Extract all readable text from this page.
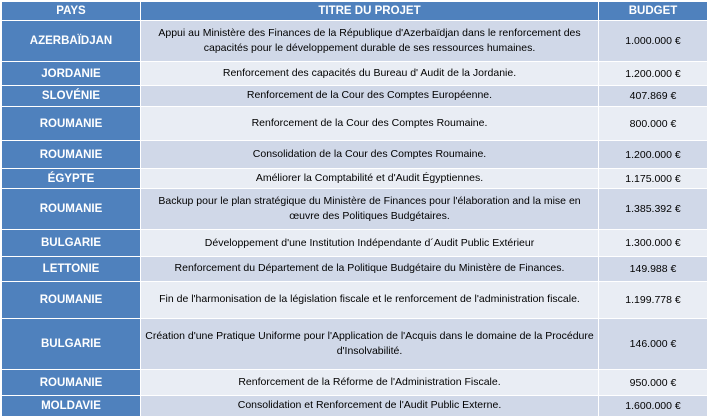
PAYS	TITRE DU PROJET	BUDGET
AZERBAÏDJAN	Appui au Ministère des Finances de la République d'Azerbaïdjan dans le renforcement des capacités pour le développement durable de ses ressources humaines.	1.000.000 €
JORDANIE	Renforcement des capacités du Bureau d' Audit de la Jordanie.	1.200.000 €
SLOVÉNIE	Renforcement de la Cour des Comptes Européenne.	407.869 €
ROUMANIE	Renforcement de la Cour des Comptes Roumaine.	800.000 €
ROUMANIE	Consolidation de la Cour des Comptes Roumaine.	1.200.000 €
ÉGYPTE	Améliorer la Comptabilité et d'Audit Égyptiennes.	1.175.000 €
ROUMANIE	Backup pour le plan stratégique du Ministère de Finances pour l'élaboration and la mise en œuvre des Politiques Budgétaires.	1.385.392 €
BULGARIE	Développement d'une Institution Indépendante d´Audit Public Extérieur	1.300.000 €
LETTONIE	Renforcement du Département de la Politique Budgétaire du Ministère de Finances.	149.988 €
ROUMANIE	Fin de l'harmonisation de la législation fiscale et le renforcement de l'administration fiscale.	1.199.778 €
BULGARIE	Création d'une Pratique Uniforme pour l'Application de l'Acquis dans le domaine de la Procédure d'Insolvabilité.	146.000 €
ROUMANIE	Renforcement de la Réforme de l'Administration Fiscale.	950.000 €
MOLDAVIE	Consolidation et Renforcement de l'Audit Public Externe.	1.600.000 €
